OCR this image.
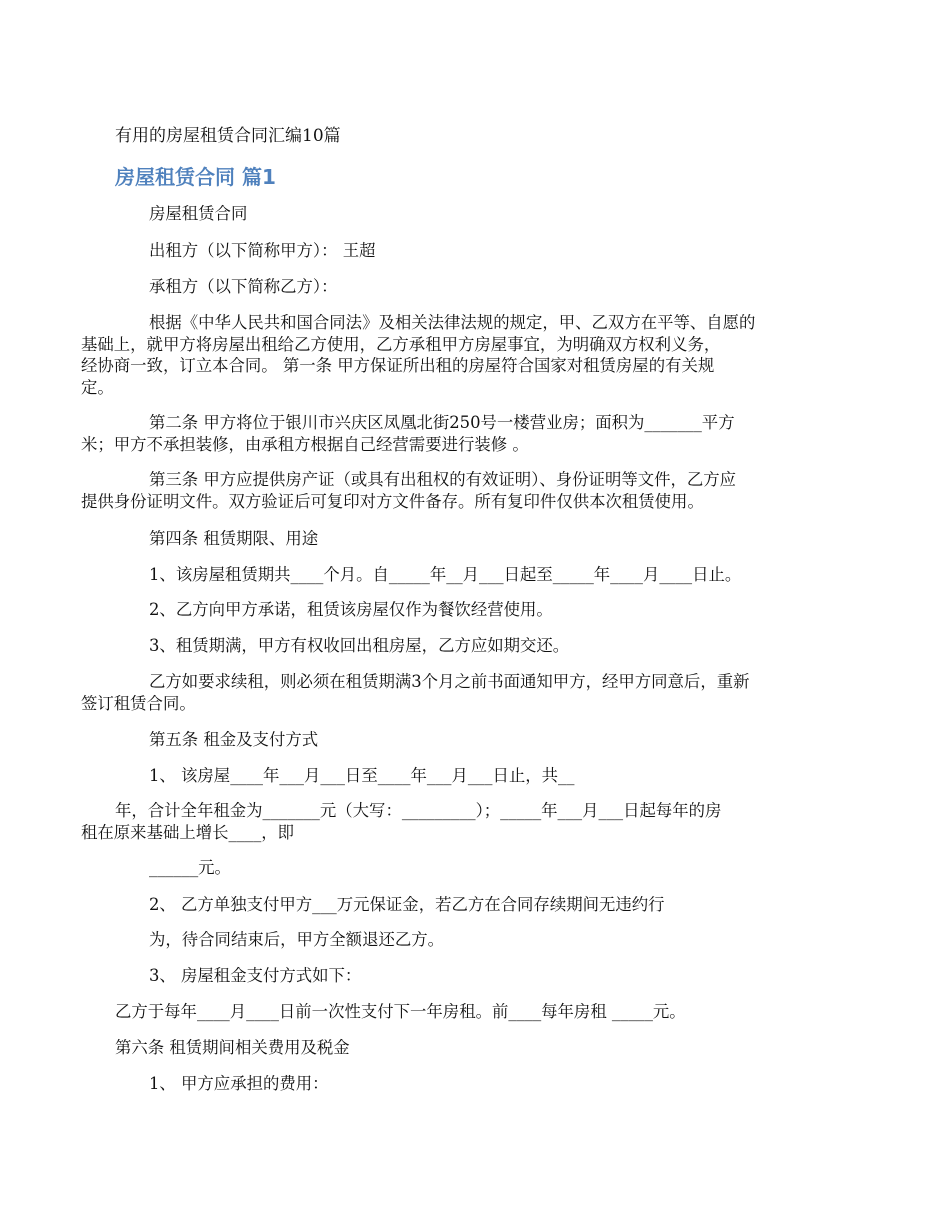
有用的房屋租赁合同汇编10篇

房屋租赁合同 篇1

房屋租赁合同

出租方（以下简称甲方）： 王超

承租方（以下简称乙方）：

根据《中华人民共和国合同法》及相关法律法规的规定，甲、乙双方在平等、自愿的
基础上，就甲方将房屋出租给乙方使用，乙方承租甲方房屋事宜，为明确双方权利义务，
经协商一致，订立本合同。 第一条 甲方保证所出租的房屋符合国家对租赁房屋的有关规
定。

第二条 甲方将位于银川市兴庆区凤凰北街250号一楼营业房；面积为_______平方
米；甲方不承担装修，由承租方根据自己经营需要进行装修 。

第三条 甲方应提供房产证（或具有出租权的有效证明）、身份证明等文件，乙方应
提供身份证明文件。双方验证后可复印对方文件备存。所有复印件仅供本次租赁使用。

第四条 租赁期限、用途

1、该房屋租赁期共____个月。自_____年__月___日起至_____年____月____日止。

2、乙方向甲方承诺，租赁该房屋仅作为餐饮经营使用。

3、租赁期满，甲方有权收回出租房屋，乙方应如期交还。

乙方如要求续租，则必须在租赁期满3个月之前书面通知甲方，经甲方同意后，重新
签订租赁合同。

第五条 租金及支付方式

1、 该房屋____年___月___日至____年___月___日止，共__

年，合计全年租金为_______元（大写：_________）；_____年___月___日起每年的房
租在原来基础上增长____，即

______元。

2、 乙方单独支付甲方___万元保证金，若乙方在合同存续期间无违约行

为，待合同结束后，甲方全额退还乙方。

3、 房屋租金支付方式如下：

乙方于每年____月____日前一次性支付下一年房租。前____每年房租 _____元。

第六条 租赁期间相关费用及税金

1、 甲方应承担的费用：
